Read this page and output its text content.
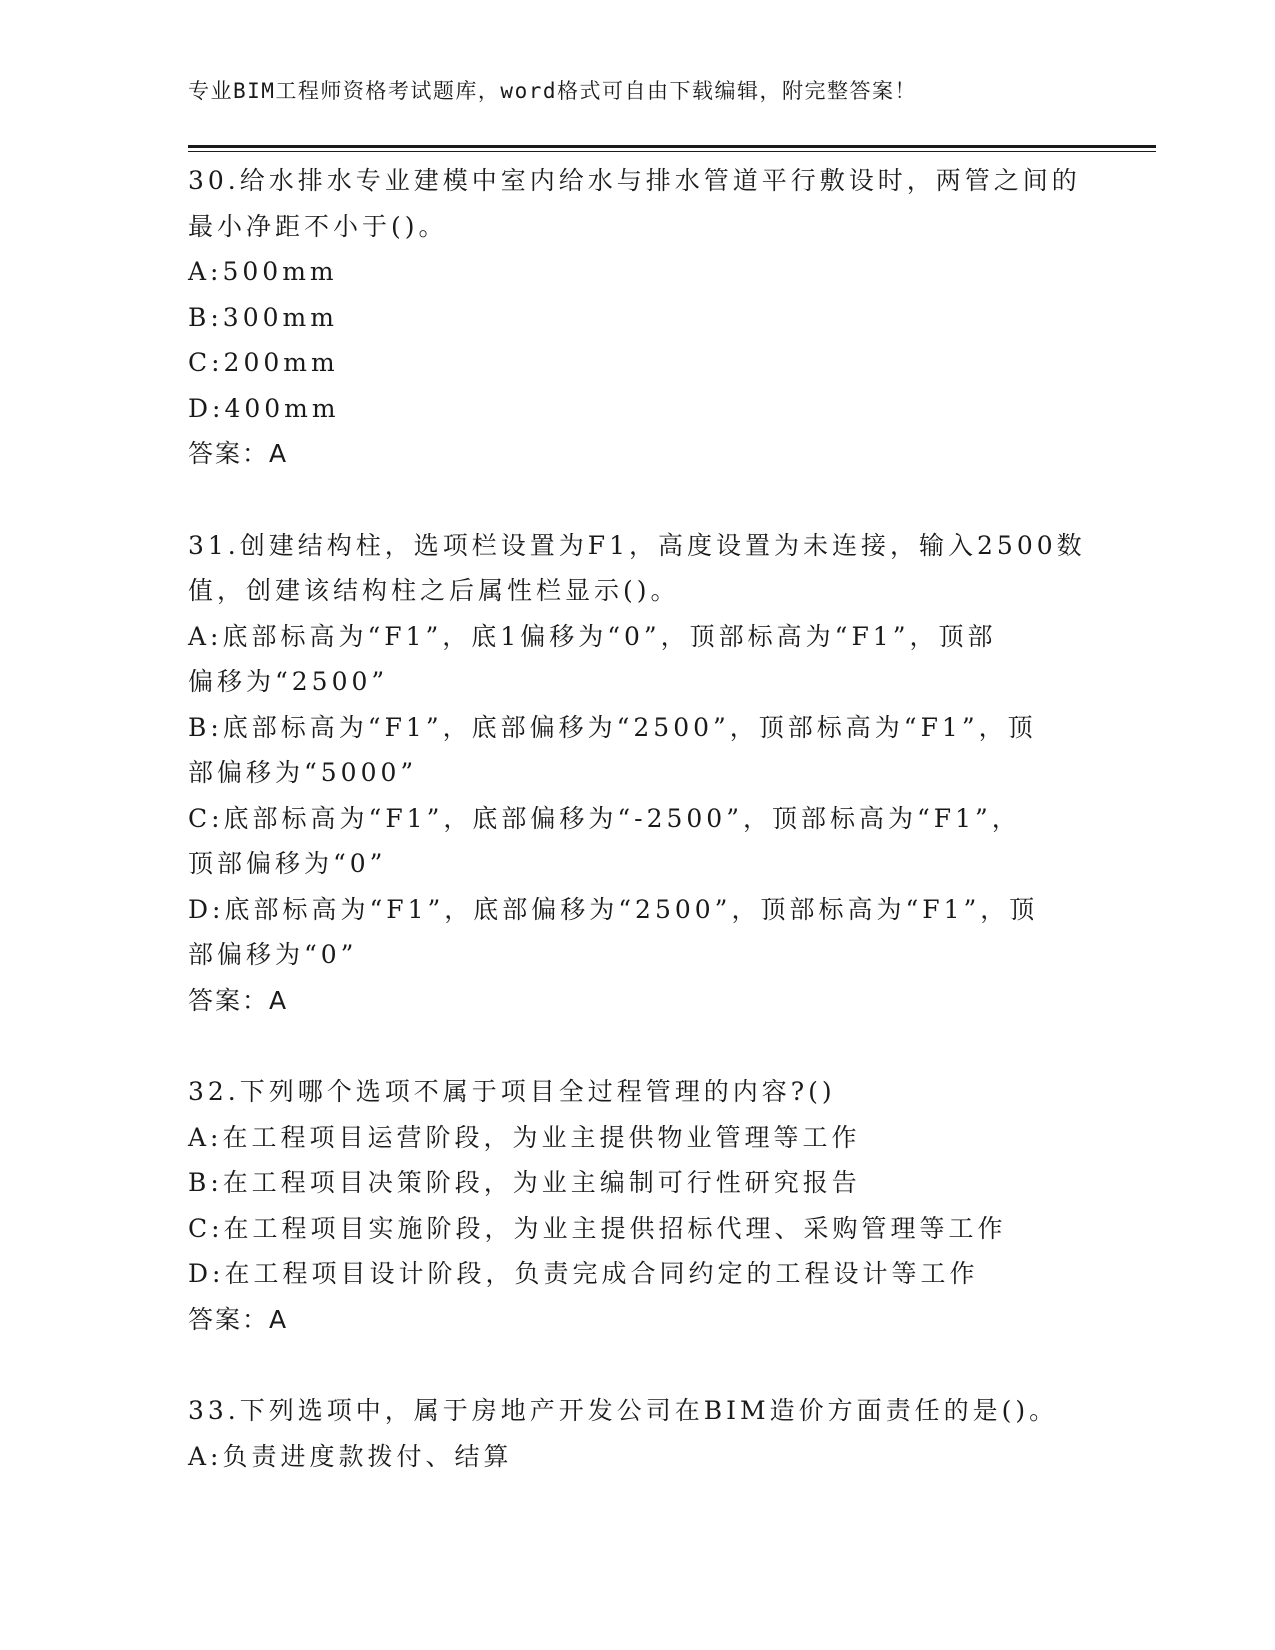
专业BIM工程师资格考试题库，word格式可自由下载编辑，附完整答案！
30.给水排水专业建模中室内给水与排水管道平行敷设时，两管之间的
最小净距不小于()。
A:500mm
B:300mm
C:200mm
D:400mm
答案：A
31.创建结构柱，选项栏设置为F1，高度设置为未连接，输入2500数
值，创建该结构柱之后属性栏显示()。
A:底部标高为“F1”，底1偏移为“0”，顶部标高为“F1”，顶部
偏移为“2500”
B:底部标高为“F1”，底部偏移为“2500”，顶部标高为“F1”，顶
部偏移为“5000”
C:底部标高为“F1”，底部偏移为“-2500”，顶部标高为“F1”，
顶部偏移为“0”
D:底部标高为“F1”，底部偏移为“2500”，顶部标高为“F1”，顶
部偏移为“0”
答案：A
32.下列哪个选项不属于项目全过程管理的内容?()
A:在工程项目运营阶段，为业主提供物业管理等工作
B:在工程项目决策阶段，为业主编制可行性研究报告
C:在工程项目实施阶段，为业主提供招标代理、采购管理等工作
D:在工程项目设计阶段，负责完成合同约定的工程设计等工作
答案：A
33.下列选项中，属于房地产开发公司在BIM造价方面责任的是()。
A:负责进度款拨付、结算
